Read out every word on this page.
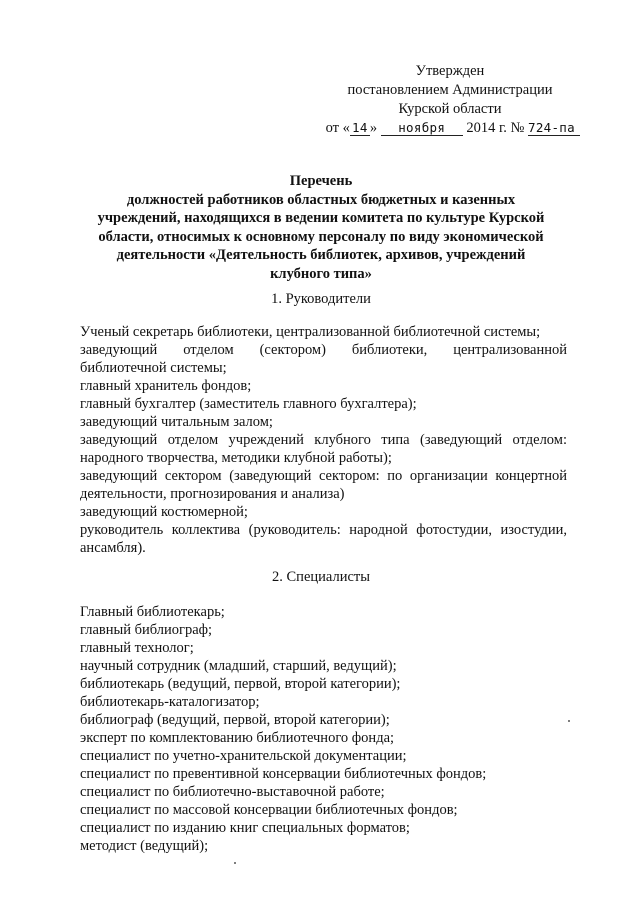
Утвержден
постановлением Администрации
Курской области
от « 14 » ноября 2014 г. № 724-па
Перечень
должностей работников областных бюджетных и казенных
учреждений, находящихся в ведении комитета по культуре Курской
области, относимых к основному персоналу по виду экономической
деятельности «Деятельность библиотек, архивов, учреждений
клубного типа»
1. Руководители

Ученый секретарь библиотеки, централизованной библиотечной системы;

заведующий отделом (сектором) библиотеки, централизованной библиотечной системы;

главный хранитель фондов;

главный бухгалтер (заместитель главного бухгалтера);

заведующий читальным залом;

заведующий отделом учреждений клубного типа (заведующий отделом: народного творчества, методики клубной работы);

заведующий сектором (заведующий сектором: по организации концертной деятельности, прогнозирования и анализа)

заведующий костюмерной;

руководитель коллектива (руководитель: народной фотостудии, изостудии, ансамбля).

2. Специалисты

Главный библиотекарь;

главный библиограф;

главный технолог;

научный сотрудник (младший, старший, ведущий);

библиотекарь (ведущий, первой, второй категории);

библиотекарь-каталогизатор;

библиограф (ведущий, первой, второй категории);

эксперт по комплектованию библиотечного фонда;

специалист по учетно-хранительской документации;

специалист по превентивной консервации библиотечных фондов;

специалист по библиотечно-выставочной работе;

специалист по массовой консервации библиотечных фондов;

специалист по изданию книг специальных форматов;

методист (ведущий);
